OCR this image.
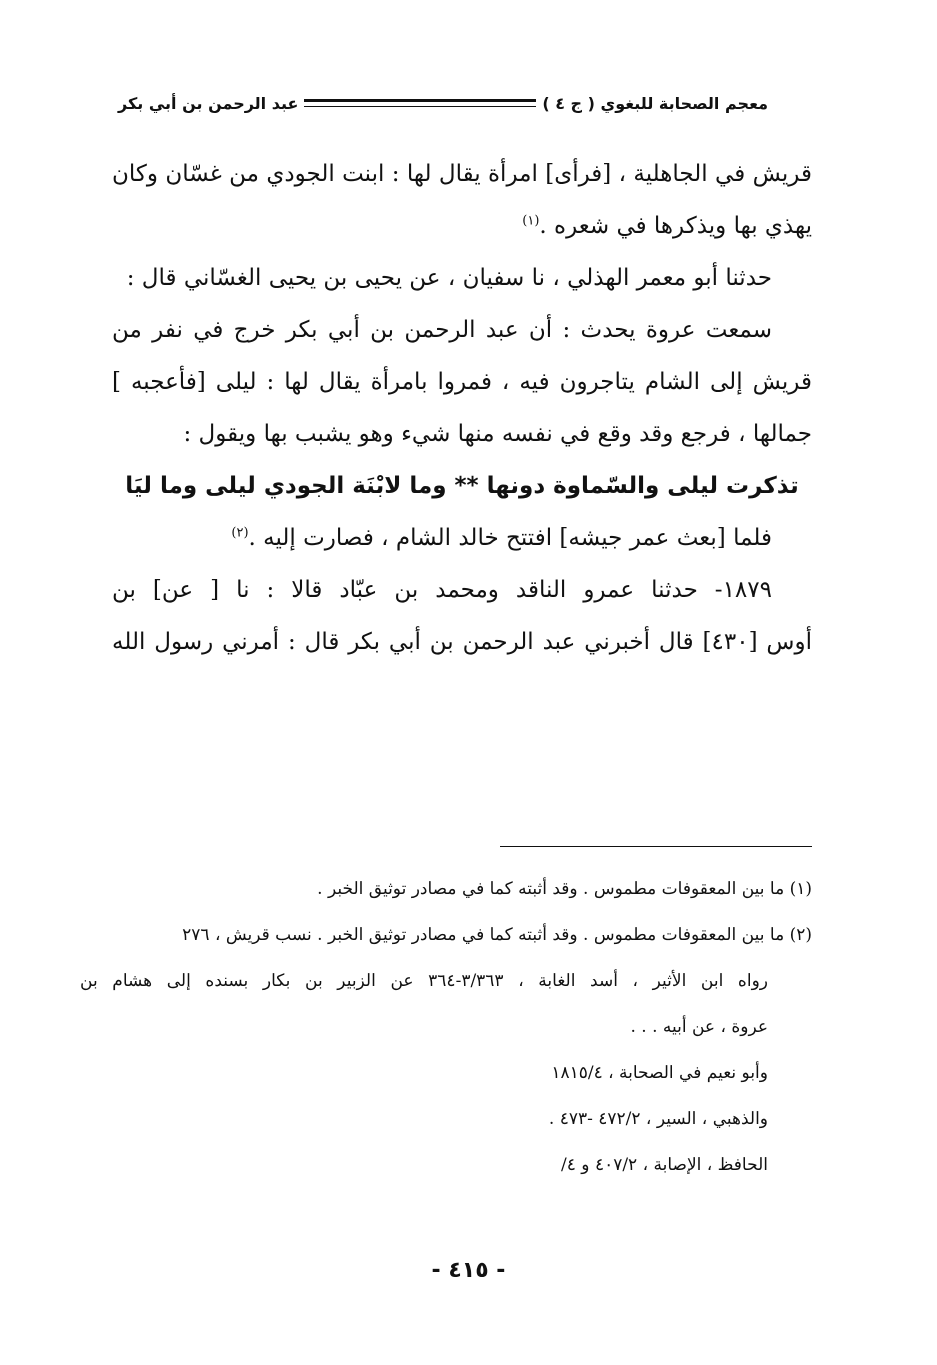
معجم الصحابة للبغوي ( ج ٤ )
عبد الرحمن بن أبي بكر
قريش في الجاهلية ، [فرأى] امرأة يقال لها : ابنت الجودي من غسّان وكان
يهذي بها ويذكرها في شعره .$^{(١)}$
حدثنا أبو معمر الهذلي ، نا سفيان ، عن يحيى بن يحيى الغسّاني قال :
سمعت عروة يحدث : أن عبد الرحمن بن أبي بكر خرج في نفر من
قريش إلى الشام يتاجرون فيه ، فمروا بامرأة يقال لها : ليلى [فأعجبه ]
جمالها ، فرجع وقد وقع في نفسه منها شيء وهو يشبب بها ويقول :
تذكرت ليلى والسّماوة دونها ** وما لابْنَة الجودي ليلى وما ليَا
فلما [بعث عمر جيشه] افتتح خالد الشام ، فصارت إليه .$^{(٢)}$
١٨٧٩- حدثنا عمرو الناقد ومحمد بن عبّاد قالا : نا [ عن] بن
أوس [٤٣٠] قال أخبرني عبد الرحمن بن أبي بكر قال : أمرني رسول الله
(١) ما بين المعقوفات مطموس . وقد أثبته كما في مصادر توثيق الخبر .
(٢) ما بين المعقوفات مطموس . وقد أثبته كما في مصادر توثيق الخبر . نسب قريش ، ٢٧٦
رواه ابن الأثير ، أسد الغابة ، ٣/٣٦٣-٣٦٤ عن الزبير بن بكار بسنده إلى هشام بن
عروة ، عن أبيه . . .
وأبو نعيم في الصحابة ، ١٨١٥/٤
والذهبي ، السير ، ٤٧٢/٢ -٤٧٣ .
الحافظ ، الإصابة ، ٤٠٧/٢ و ٤/
- ٤١٥ -
